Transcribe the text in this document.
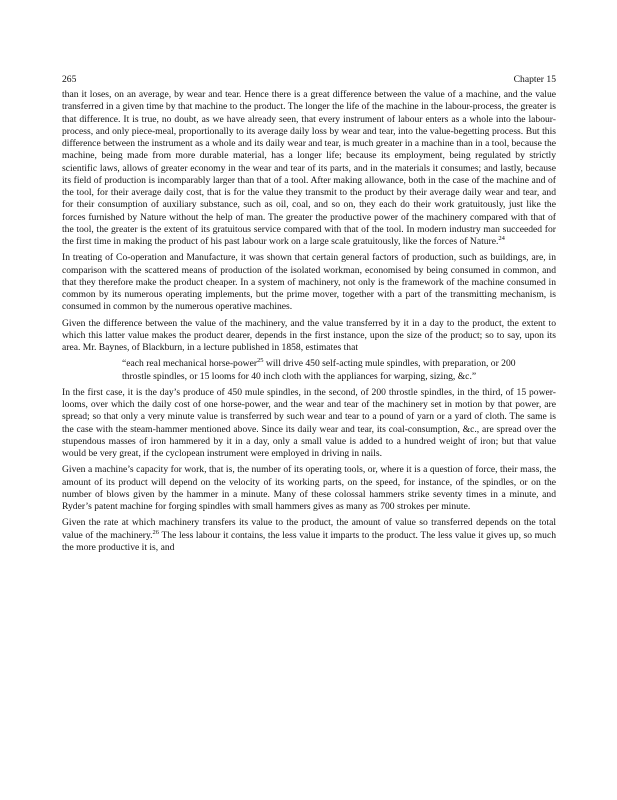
265	Chapter 15

than it loses, on an average, by wear and tear. Hence there is a great difference between the value of a machine, and the value transferred in a given time by that machine to the product. The longer the life of the machine in the labour-process, the greater is that difference. It is true, no doubt, as we have already seen, that every instrument of labour enters as a whole into the labour-process, and only piece-meal, proportionally to its average daily loss by wear and tear, into the value-begetting process. But this difference between the instrument as a whole and its daily wear and tear, is much greater in a machine than in a tool, because the machine, being made from more durable material, has a longer life; because its employment, being regulated by strictly scientific laws, allows of greater economy in the wear and tear of its parts, and in the materials it consumes; and lastly, because its field of production is incomparably larger than that of a tool. After making allowance, both in the case of the machine and of the tool, for their average daily cost, that is for the value they transmit to the product by their average daily wear and tear, and for their consumption of auxiliary substance, such as oil, coal, and so on, they each do their work gratuitously, just like the forces furnished by Nature without the help of man. The greater the productive power of the machinery compared with that of the tool, the greater is the extent of its gratuitous service compared with that of the tool. In modern industry man succeeded for the first time in making the product of his past labour work on a large scale gratuitously, like the forces of Nature.$^{24}$

In treating of Co-operation and Manufacture, it was shown that certain general factors of production, such as buildings, are, in comparison with the scattered means of production of the isolated workman, economised by being consumed in common, and that they therefore make the product cheaper. In a system of machinery, not only is the framework of the machine consumed in common by its numerous operating implements, but the prime mover, together with a part of the transmitting mechanism, is consumed in common by the numerous operative machines.

Given the difference between the value of the machinery, and the value transferred by it in a day to the product, the extent to which this latter value makes the product dearer, depends in the first instance, upon the size of the product; so to say, upon its area. Mr. Baynes, of Blackburn, in a lecture published in 1858, estimates that

“each real mechanical horse-power$^{25}$ will drive 450 self-acting mule spindles, with preparation, or 200 throstle spindles, or 15 looms for 40 inch cloth with the appliances for warping, sizing, &c.”

In the first case, it is the day’s produce of 450 mule spindles, in the second, of 200 throstle spindles, in the third, of 15 power-looms, over which the daily cost of one horse-power, and the wear and tear of the machinery set in motion by that power, are spread; so that only a very minute value is transferred by such wear and tear to a pound of yarn or a yard of cloth. The same is the case with the steam-hammer mentioned above. Since its daily wear and tear, its coal-consumption, &c., are spread over the stupendous masses of iron hammered by it in a day, only a small value is added to a hundred weight of iron; but that value would be very great, if the cyclopean instrument were employed in driving in nails.

Given a machine’s capacity for work, that is, the number of its operating tools, or, where it is a question of force, their mass, the amount of its product will depend on the velocity of its working parts, on the speed, for instance, of the spindles, or on the number of blows given by the hammer in a minute. Many of these colossal hammers strike seventy times in a minute, and Ryder’s patent machine for forging spindles with small hammers gives as many as 700 strokes per minute.

Given the rate at which machinery transfers its value to the product, the amount of value so transferred depends on the total value of the machinery.$^{26}$ The less labour it contains, the less value it imparts to the product. The less value it gives up, so much the more productive it is, and
